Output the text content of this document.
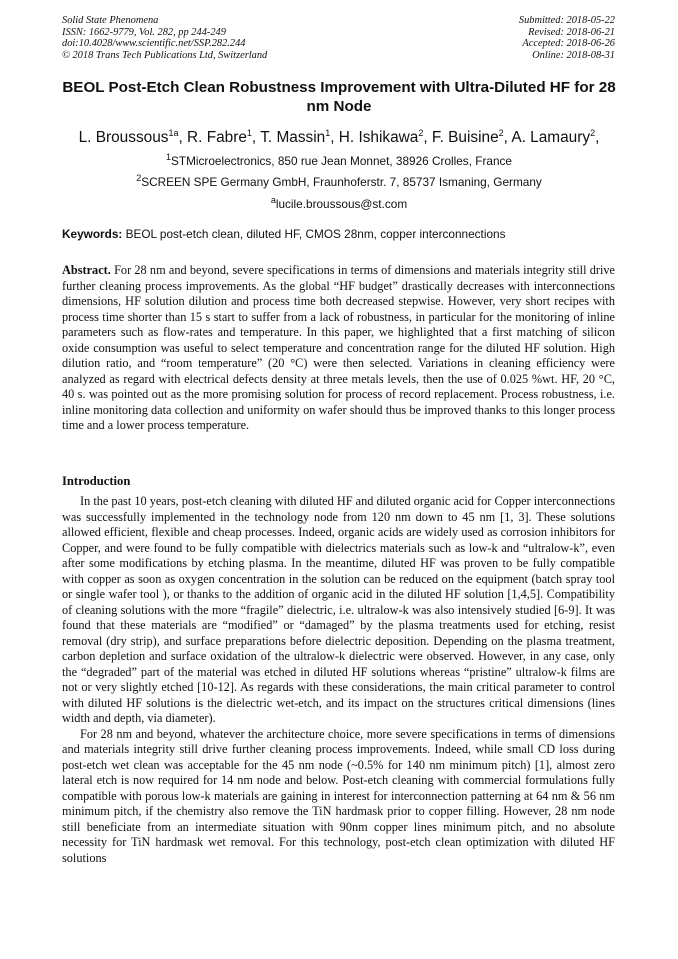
Solid State Phenomena
ISSN: 1662-9779, Vol. 282, pp 244-249
doi:10.4028/www.scientific.net/SSP.282.244
© 2018 Trans Tech Publications Ltd, Switzerland
Submitted: 2018-05-22
Revised: 2018-06-21
Accepted: 2018-06-26
Online: 2018-08-31
BEOL Post-Etch Clean Robustness Improvement with Ultra-Diluted HF for 28 nm Node
L. Broussous$^{1a}$, R. Fabre$^1$, T. Massin$^1$, H. Ishikawa$^2$, F. Buisine$^2$, A. Lamaury$^2$,
$^1$STMicroelectronics, 850 rue Jean Monnet, 38926 Crolles, France
$^2$SCREEN SPE Germany GmbH, Fraunhoferstr. 7, 85737 Ismaning, Germany
$^a$lucile.broussous@st.com
Keywords: BEOL post-etch clean, diluted HF, CMOS 28nm, copper interconnections
Abstract. For 28 nm and beyond, severe specifications in terms of dimensions and materials integrity still drive further cleaning process improvements. As the global “HF budget” drastically decreases with interconnections dimensions, HF solution dilution and process time both decreased stepwise. However, very short recipes with process time shorter than 15 s start to suffer from a lack of robustness, in particular for the monitoring of inline parameters such as flow-rates and temperature. In this paper, we highlighted that a first matching of silicon oxide consumption was useful to select temperature and concentration range for the diluted HF solution. High dilution ratio, and “room temperature” (20 °C) were then selected. Variations in cleaning efficiency were analyzed as regard with electrical defects density at three metals levels, then the use of 0.025 %wt. HF, 20 °C, 40 s. was pointed out as the more promising solution for process of record replacement. Process robustness, i.e. inline monitoring data collection and uniformity on wafer should thus be improved thanks to this longer process time and a lower process temperature.
Introduction

In the past 10 years, post-etch cleaning with diluted HF and diluted organic acid for Copper interconnections was successfully implemented in the technology node from 120 nm down to 45 nm [1, 3]. These solutions allowed efficient, flexible and cheap processes. Indeed, organic acids are widely used as corrosion inhibitors for Copper, and were found to be fully compatible with dielectrics materials such as low-k and “ultralow-k”, even after some modifications by etching plasma. In the meantime, diluted HF was proven to be fully compatible with copper as soon as oxygen concentration in the solution can be reduced on the equipment (batch spray tool or single wafer tool ), or thanks to the addition of organic acid in the diluted HF solution [1,4,5]. Compatibility of cleaning solutions with the more “fragile” dielectric, i.e. ultralow-k was also intensively studied [6-9]. It was found that these materials are “modified” or “damaged” by the plasma treatments used for etching, resist removal (dry strip), and surface preparations before dielectric deposition. Depending on the plasma treatment, carbon depletion and surface oxidation of the ultralow-k dielectric were observed. However, in any case, only the “degraded” part of the material was etched in diluted HF solutions whereas “pristine” ultralow-k films are not or very slightly etched [10-12]. As regards with these considerations, the main critical parameter to control with diluted HF solutions is the dielectric wet-etch, and its impact on the structures critical dimensions (lines width and depth, via diameter).

For 28 nm and beyond, whatever the architecture choice, more severe specifications in terms of dimensions and materials integrity still drive further cleaning process improvements. Indeed, while small CD loss during post-etch wet clean was acceptable for the 45 nm node (~0.5% for 140 nm minimum pitch) [1], almost zero lateral etch is now required for 14 nm node and below. Post-etch cleaning with commercial formulations fully compatible with porous low-k materials are gaining in interest for interconnection patterning at 64 nm & 56 nm minimum pitch, if the chemistry also remove the TiN hardmask prior to copper filling. However, 28 nm node still beneficiate from an intermediate situation with 90nm copper lines minimum pitch, and no absolute necessity for TiN hardmask wet removal. For this technology, post-etch clean optimization with diluted HF solutions
